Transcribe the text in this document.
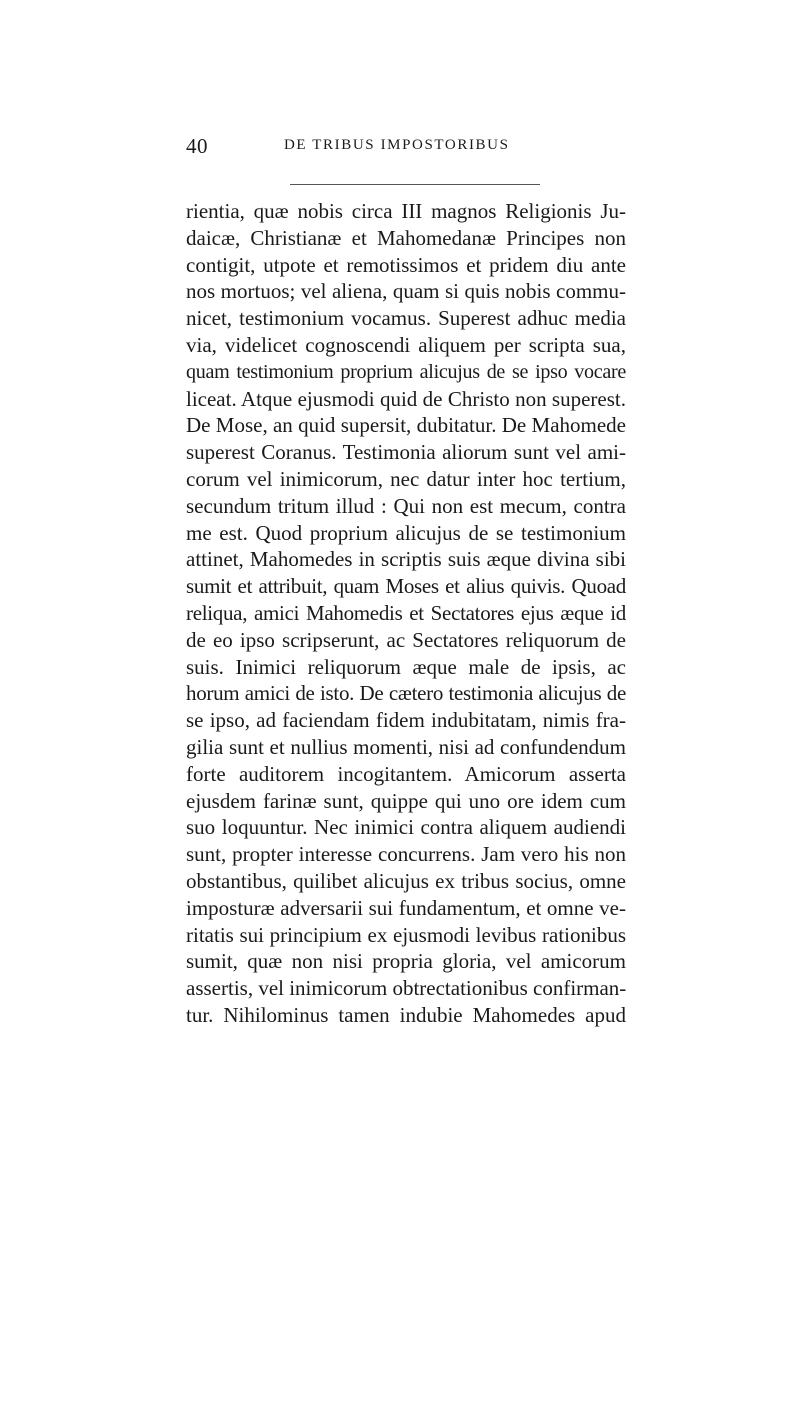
40	DE TRIBUS IMPOSTORIBUS
rientia, quæ nobis circa III magnos Religionis Ju-
daicæ, Christianæ et Mahomedanæ Principes non
contigit, utpote et remotissimos et pridem diu ante
nos mortuos; vel aliena, quam si quis nobis commu-
nicet, testimonium vocamus. Superest adhuc media
via, videlicet cognoscendi aliquem per scripta sua,
quam testimonium proprium alicujus de se ipso vocare
liceat. Atque ejusmodi quid de Christo non superest.
De Mose, an quid supersit, dubitatur. De Mahomede
superest Coranus. Testimonia aliorum sunt vel ami-
corum vel inimicorum, nec datur inter hoc tertium,
secundum tritum illud : Qui non est mecum, contra
me est. Quod proprium alicujus de se testimonium
attinet, Mahomedes in scriptis suis æque divina sibi
sumit et attribuit, quam Moses et alius quivis. Quoad
reliqua, amici Mahomedis et Sectatores ejus æque id
de eo ipso scripserunt, ac Sectatores reliquorum de
suis. Inimici reliquorum æque male de ipsis, ac
horum amici de isto. De cætero testimonia alicujus de
se ipso, ad faciendam fidem indubitatam, nimis fra-
gilia sunt et nullius momenti, nisi ad confundendum
forte auditorem incogitantem. Amicorum asserta
ejusdem farinæ sunt, quippe qui uno ore idem cum
suo loquuntur. Nec inimici contra aliquem audiendi
sunt, propter interesse concurrens. Jam vero his non
obstantibus, quilibet alicujus ex tribus socius, omne
imposturæ adversarii sui fundamentum, et omne ve-
ritatis sui principium ex ejusmodi levibus rationibus
sumit, quæ non nisi propria gloria, vel amicorum
assertis, vel inimicorum obtrectationibus confirman-
tur. Nihilominus tamen indubie Mahomedes apud
